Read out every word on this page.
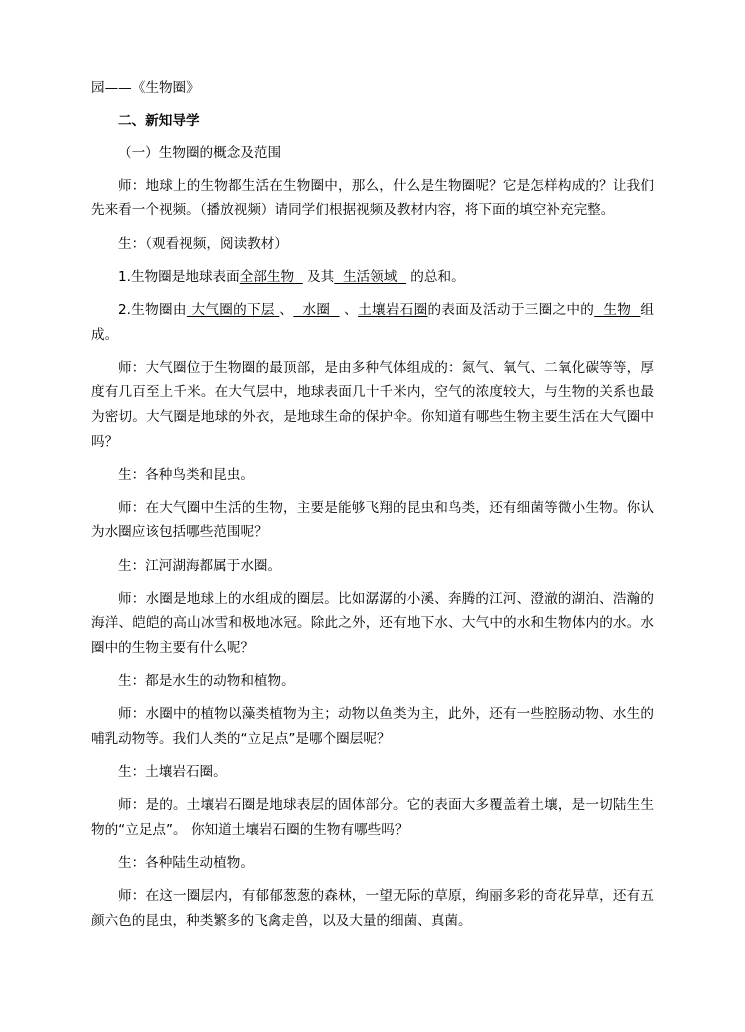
园——《生物圈》

二、新知导学

（一）生物圈的概念及范围

师：地球上的生物都生活在生物圈中，那么，什么是生物圈呢？它是怎样构成的？让我们先来看一个视频。（播放视频）请同学们根据视频及教材内容，将下面的填空补充完整。

生：（观看视频，阅读教材）

1.生物圈是地球表面全部生物 及其 生活领域 的总和。

2.生物圈由 大气圈的下层 、 水圈 、土壤岩石圈的表面及活动于三圈之中的 生物 组成。

师：大气圈位于生物圈的最顶部，是由多种气体组成的：氮气、氧气、二氧化碳等等，厚度有几百至上千米。在大气层中，地球表面几十千米内，空气的浓度较大，与生物的关系也最为密切。大气圈是地球的外衣，是地球生命的保护伞。你知道有哪些生物主要生活在大气圈中吗？

生：各种鸟类和昆虫。

师：在大气圈中生活的生物，主要是能够飞翔的昆虫和鸟类，还有细菌等微小生物。你认为水圈应该包括哪些范围呢？

生：江河湖海都属于水圈。

师：水圈是地球上的水组成的圈层。比如潺潺的小溪、奔腾的江河、澄澈的湖泊、浩瀚的海洋、皑皑的高山冰雪和极地冰冠。除此之外，还有地下水、大气中的水和生物体内的水。水圈中的生物主要有什么呢？

生：都是水生的动物和植物。

师：水圈中的植物以藻类植物为主；动物以鱼类为主，此外，还有一些腔肠动物、水生的哺乳动物等。我们人类的“立足点”是哪个圈层呢？

生：土壤岩石圈。

师：是的。土壤岩石圈是地球表层的固体部分。它的表面大多覆盖着土壤，是一切陆生生物的“立足点”。 你知道土壤岩石圈的生物有哪些吗？

生：各种陆生动植物。

师：在这一圈层内，有郁郁葱葱的森林，一望无际的草原，绚丽多彩的奇花异草，还有五颜六色的昆虫，种类繁多的飞禽走兽，以及大量的细菌、真菌。
